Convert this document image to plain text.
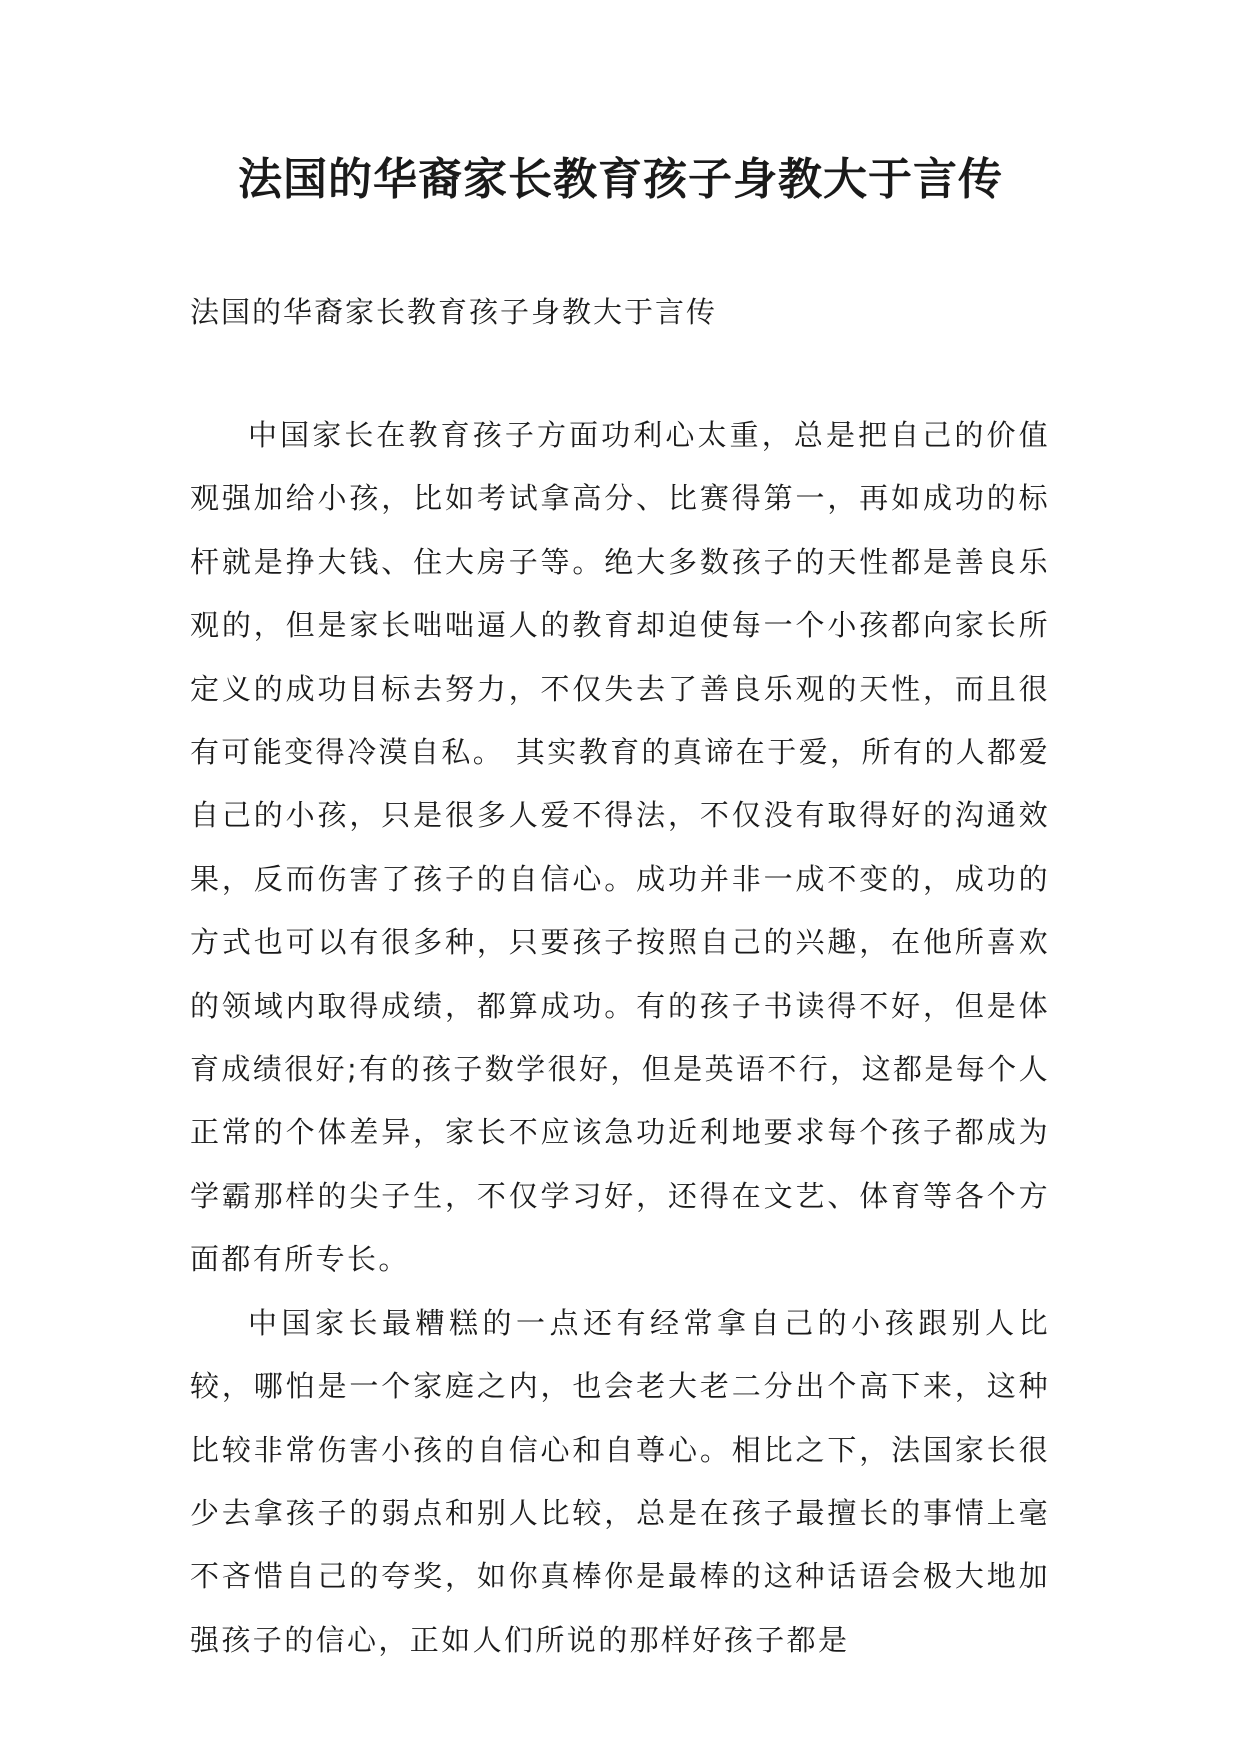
法国的华裔家长教育孩子身教大于言传

法国的华裔家长教育孩子身教大于言传

中国家长在教育孩子方面功利心太重，总是把自己的价值观强加给小孩，比如考试拿高分、比赛得第一，再如成功的标杆就是挣大钱、住大房子等。绝大多数孩子的天性都是善良乐观的，但是家长咄咄逼人的教育却迫使每一个小孩都向家长所定义的成功目标去努力，不仅失去了善良乐观的天性，而且很有可能变得冷漠自私。 其实教育的真谛在于爱，所有的人都爱自己的小孩，只是很多人爱不得法，不仅没有取得好的沟通效果，反而伤害了孩子的自信心。成功并非一成不变的，成功的方式也可以有很多种，只要孩子按照自己的兴趣，在他所喜欢的领域内取得成绩，都算成功。有的孩子书读得不好，但是体育成绩很好;有的孩子数学很好，但是英语不行，这都是每个人正常的个体差异，家长不应该急功近利地要求每个孩子都成为学霸那样的尖子生，不仅学习好，还得在文艺、体育等各个方面都有所专长。

中国家长最糟糕的一点还有经常拿自己的小孩跟别人比较，哪怕是一个家庭之内，也会老大老二分出个高下来，这种比较非常伤害小孩的自信心和自尊心。相比之下，法国家长很少去拿孩子的弱点和别人比较，总是在孩子最擅长的事情上毫不吝惜自己的夸奖，如你真棒你是最棒的这种话语会极大地加强孩子的信心，正如人们所说的那样好孩子都是
